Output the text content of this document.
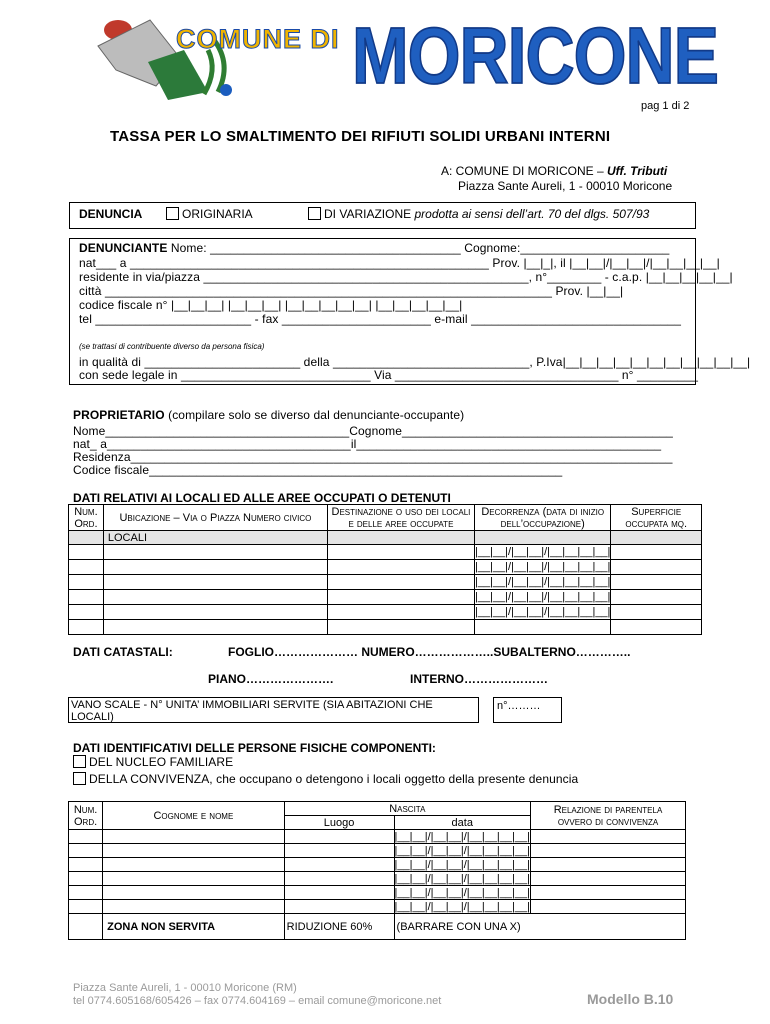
COMUNE DI MORICONE
pag 1 di 2
TASSA PER LO SMALTIMENTO DEI RIFIUTI SOLIDI URBANI INTERNI
A: COMUNE DI MORICONE – Uff. Tributi
Piazza Sante Aureli, 1 - 00010 Moricone
DENUNCIA	ORIGINARIA	DI VARIAZIONE prodotta ai sensi dell’art. 70 del dlgs. 507/93
DENUNCIANTE Nome: _____________________________________ Cognome:______________________
nat___ a _____________________________________________________ Prov. |__|_|, il |__|__|/|__|__|/|__|__|__|__|
residente in via/piazza ________________________________________________, n°________ - c.a.p. |__|__|__|__|__|
città __________________________________________________________________ Prov. |__|__|
codice fiscale n° |__|__|__| |__|__|__| |__|__|__|__|__| |__|__|__|__|__|
tel _______________________ - fax ______________________ e-mail _______________________________
(se trattasi di contribuente diverso da persona fisica)
in qualità di _______________________ della _____________________________, P.Iva|__|__|__|__|__|__|__|__|__|__|__|
con sede legale in ____________________________ Via _________________________________ n° _________
PROPRIETARIO (compilare solo se diverso dal denunciante-occupante)
Nome____________________________________Cognome________________________________________
nat_ a____________________________________il_____________________________________________
Residenza________________________________________________________________________________
Codice fiscale_____________________________________________________________
DATI RELATIVI AI LOCALI ED ALLE AREE OCCUPATI O DETENUTI
Num.
Ord.	Ubicazione – Via o Piazza Numero civico	Destinazione o uso dei locali
e delle aree occupate	Decorrenza (data di inizio
dell’occupazione)	Superficie
occupata mq.
	LOCALI			
			|__|__|/|__|__|/|__|__|__|__|	
			|__|__|/|__|__|/|__|__|__|__|	
			|__|__|/|__|__|/|__|__|__|__|	
			|__|__|/|__|__|/|__|__|__|__|	
			|__|__|/|__|__|/|__|__|__|__|	

DATI CATASTALI:	FOGLIO………………… NUMERO………………..SUBALTERNO…………..
PIANO………………….	INTERNO…………………
VANO SCALE - N° UNITA’ IMMOBILIARI SERVITE (SIA ABITAZIONI CHE
LOCALI)
n°………
DATI IDENTIFICATIVI DELLE PERSONE FISICHE COMPONENTI:
DEL NUCLEO FAMILIARE
DELLA CONVIVENZA, che occupano o detengono i locali oggetto della presente denuncia
Num.
Ord.	Cognome e nome	Nascita		Relazione di parentela
ovvero di convivenza
		Luogo	data	
			|__|__|/|__|__|/|__|__|__|__|	
			|__|__|/|__|__|/|__|__|__|__|	
			|__|__|/|__|__|/|__|__|__|__|	
			|__|__|/|__|__|/|__|__|__|__|	
			|__|__|/|__|__|/|__|__|__|__|	
			|__|__|/|__|__|/|__|__|__|__|	
	ZONA NON SERVITA	RIDUZIONE 60%	(BARRARE CON UNA X)	
Piazza Sante Aureli, 1 - 00010 Moricone (RM)
tel 0774.605168/605426 – fax 0774.604169 – email comune@moricone.net	Modello B.10
